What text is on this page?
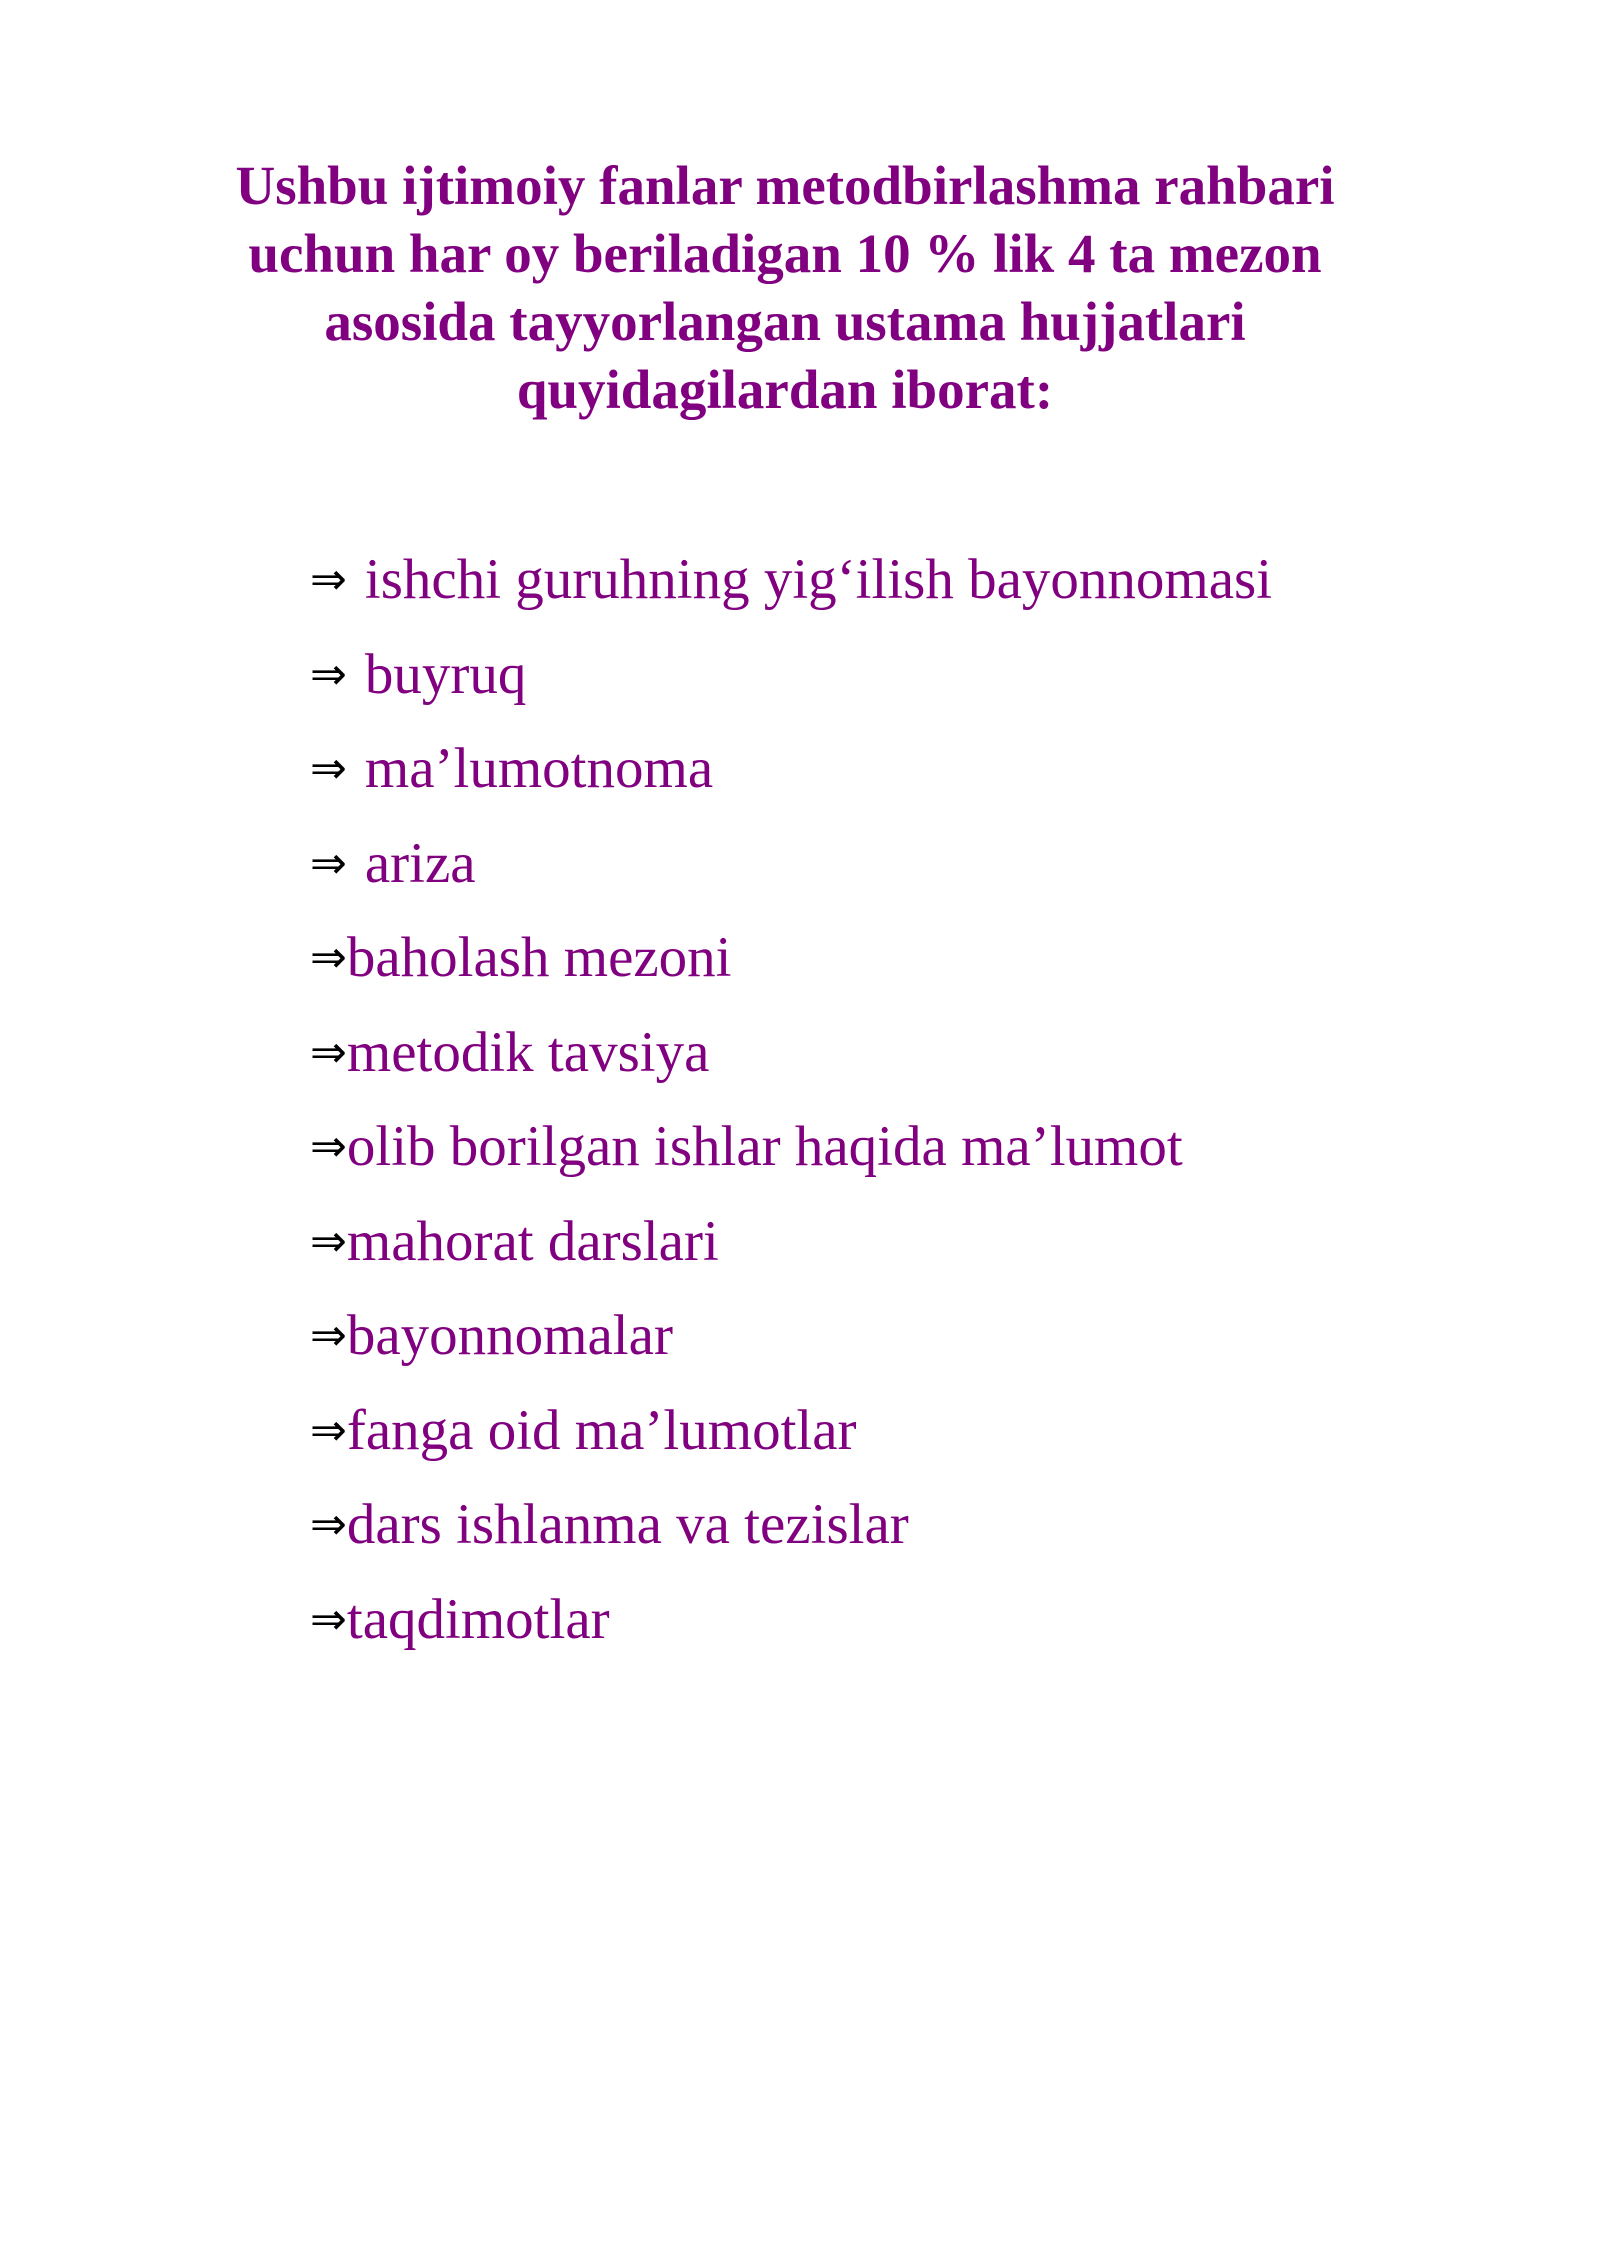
Ushbu ijtimoiy fanlar metodbirlashma rahbari
uchun har oy beriladigan 10 % lik 4 ta mezon
asosida tayyorlangan ustama hujjatlari
quyidagilardan iborat:
⇒ ishchi guruhning yig‘ilish bayonnomasi
⇒ buyruq
⇒ ma’lumotnoma
⇒ ariza
⇒baholash mezoni
⇒metodik tavsiya
⇒olib borilgan ishlar haqida ma’lumot
⇒mahorat darslari
⇒bayonnomalar
⇒fanga oid ma’lumotlar
⇒dars ishlanma va tezislar
⇒taqdimotlar
